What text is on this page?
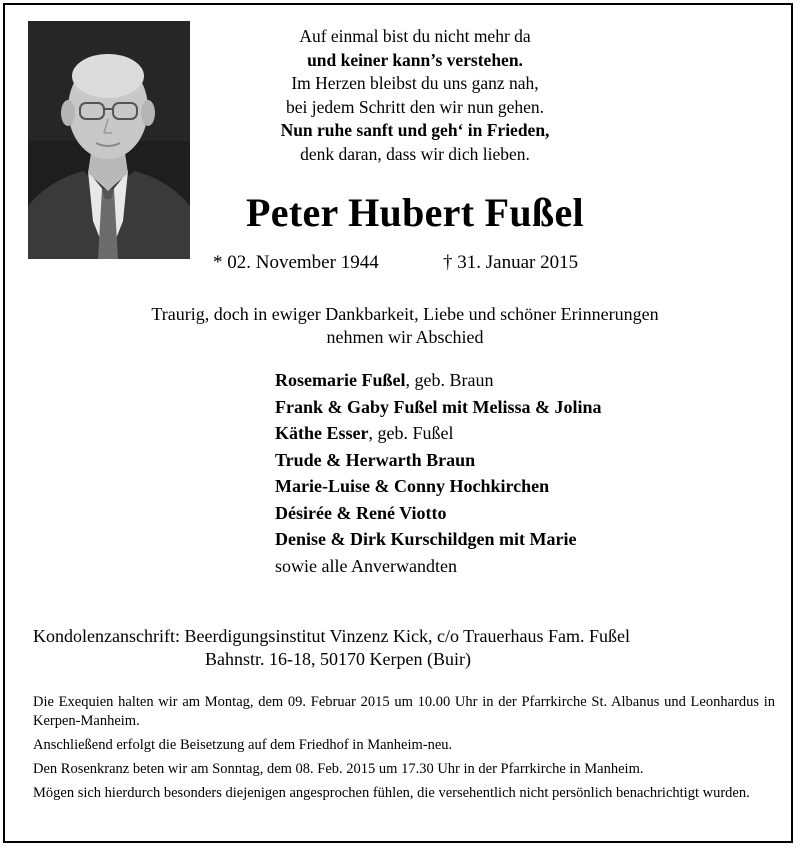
Auf einmal bist du nicht mehr da
und keiner kann’s verstehen.
Im Herzen bleibst du uns ganz nah,
bei jedem Schritt den wir nun gehen.
Nun ruhe sanft und geh‘ in Frieden,
denk daran, dass wir dich lieben.
Peter Hubert Fußel
* 02. November 1944	† 31. Januar 2015
Traurig, doch in ewiger Dankbarkeit, Liebe und schöner Erinnerungen
nehmen wir Abschied
Rosemarie Fußel, geb. Braun
Frank & Gaby Fußel mit Melissa & Jolina
Käthe Esser, geb. Fußel
Trude & Herwarth Braun
Marie-Luise & Conny Hochkirchen
Désirée & René Viotto
Denise & Dirk Kurschildgen mit Marie
sowie alle Anverwandten
Kondolenzanschrift: Beerdigungsinstitut Vinzenz Kick, c/o Trauerhaus Fam. Fußel
Bahnstr. 16-18, 50170 Kerpen (Buir)

Die Exequien halten wir am Montag, dem 09. Februar 2015 um 10.00 Uhr in der Pfarrkirche St. Albanus und Leonhardus in Kerpen-Manheim.

Anschließend erfolgt die Beisetzung auf dem Friedhof in Manheim-neu.

Den Rosenkranz beten wir am Sonntag, dem 08. Feb. 2015 um 17.30 Uhr in der Pfarrkirche in Manheim.

Mögen sich hierdurch besonders diejenigen angesprochen fühlen, die versehentlich nicht persönlich benachrichtigt wurden.
